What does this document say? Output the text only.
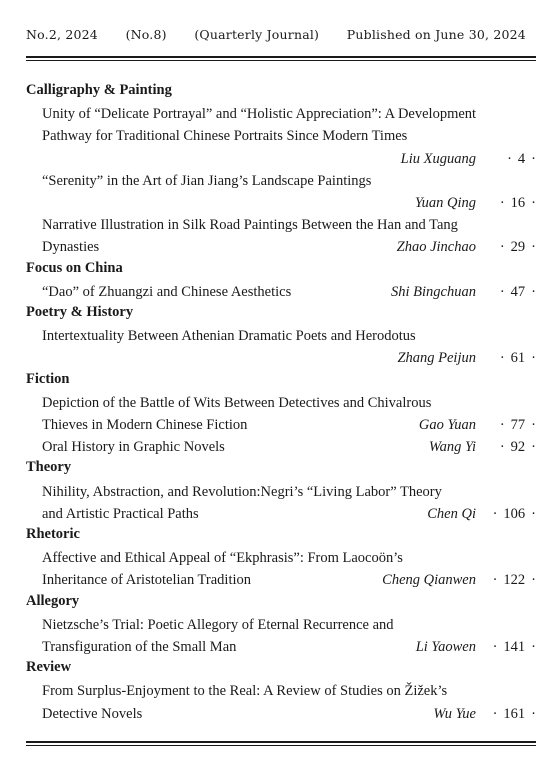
No.2, 2024 (No.8) (Quarterly Journal) Published on June 30, 2024
Calligraphy & Painting
Unity of “Delicate Portrayal” and “Holistic Appreciation”: A Development
Pathway for Traditional Chinese Portraits Since Modern Times
Liu Xuguang	· 4 ·
“Serenity” in the Art of Jian Jiang’s Landscape Paintings
Yuan Qing	· 16 ·
Narrative Illustration in Silk Road Paintings Between the Han and Tang
Dynasties	Zhao Jinchao	· 29 ·
Focus on China
“Dao” of Zhuangzi and Chinese Aesthetics	Shi Bingchuan	· 47 ·
Poetry & History
Intertextuality Between Athenian Dramatic Poets and Herodotus
Zhang Peijun	· 61 ·
Fiction
Depiction of the Battle of Wits Between Detectives and Chivalrous
Thieves in Modern Chinese Fiction	Gao Yuan	· 77 ·
Oral History in Graphic Novels	Wang Yi	· 92 ·
Theory
Nihility, Abstraction, and Revolution:Negri’s “Living Labor” Theory
and Artistic Practical Paths	Chen Qi	· 106 ·
Rhetoric
Affective and Ethical Appeal of “Ekphrasis”: From Laocoön’s
Inheritance of Aristotelian Tradition	Cheng Qianwen	· 122 ·
Allegory
Nietzsche’s Trial: Poetic Allegory of Eternal Recurrence and
Transfiguration of the Small Man	Li Yaowen	· 141 ·
Review
From Surplus-Enjoyment to the Real: A Review of Studies on Žižek’s
Detective Novels	Wu Yue	· 161 ·
